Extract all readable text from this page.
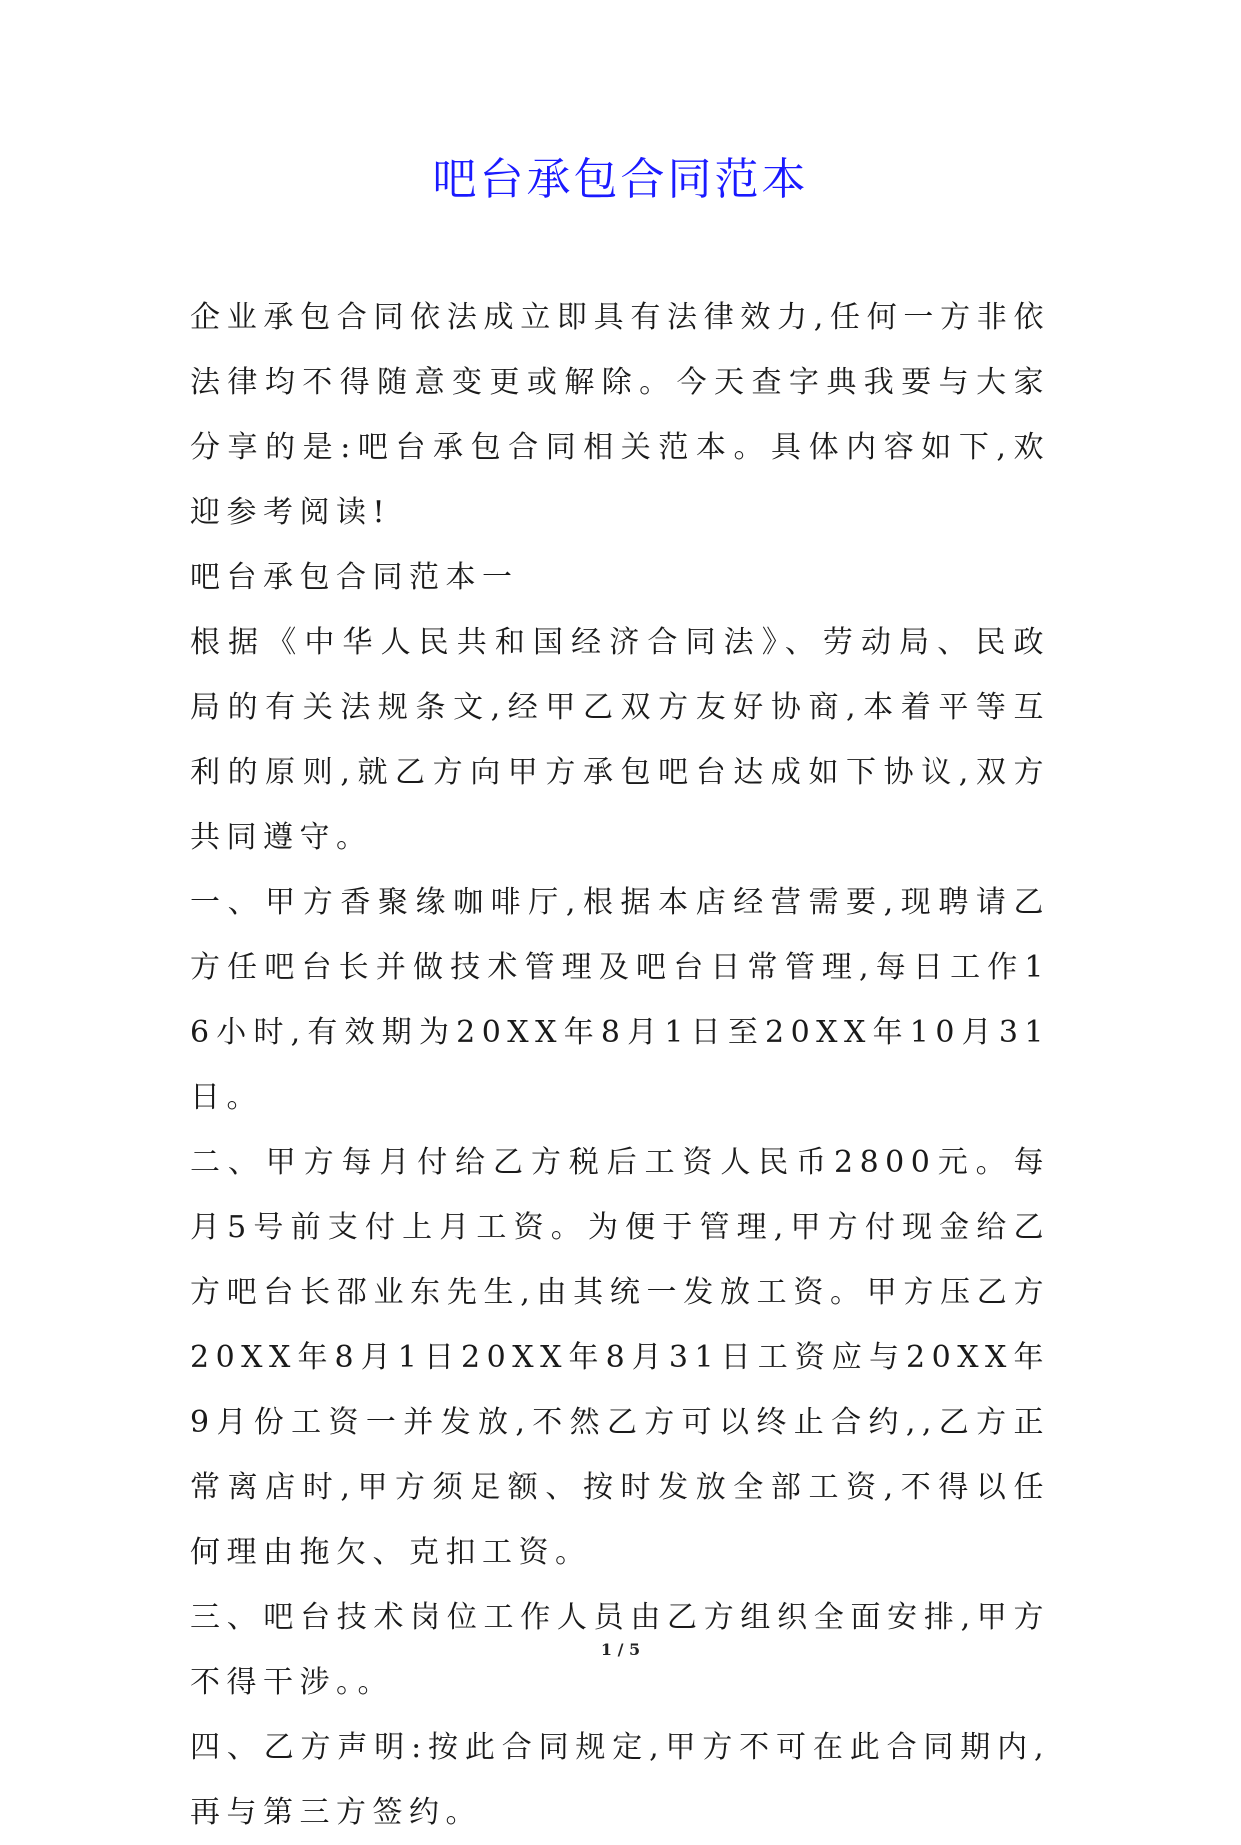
吧台承包合同范本

企业承包合同依法成立即具有法律效力,任何一方非依法律均不得随意变更或解除。今天查字典我要与大家分享的是:吧台承包合同相关范本。具体内容如下,欢迎参考阅读!

吧台承包合同范本一

根据《中华人民共和国经济合同法》、劳动局、民政局的有关法规条文,经甲乙双方友好协商,本着平等互利的原则,就乙方向甲方承包吧台达成如下协议,双方共同遵守。

一、甲方香聚缘咖啡厅,根据本店经营需要,现聘请乙方任吧台长并做技术管理及吧台日常管理,每日工作16小时,有效期为20XX年8月1日至20XX年10月31日。

二、甲方每月付给乙方税后工资人民币2800元。每月5号前支付上月工资。为便于管理,甲方付现金给乙方吧台长邵业东先生,由其统一发放工资。甲方压乙方20XX年8月1日20XX年8月31日工资应与20XX年9月份工资一并发放,不然乙方可以终止合约,,乙方正常离店时,甲方须足额、按时发放全部工资,不得以任何理由拖欠、克扣工资。

三、吧台技术岗位工作人员由乙方组织全面安排,甲方不得干涉。。

四、乙方声明:按此合同规定,甲方不可在此合同期内,再与第三方签约。

1 / 5
